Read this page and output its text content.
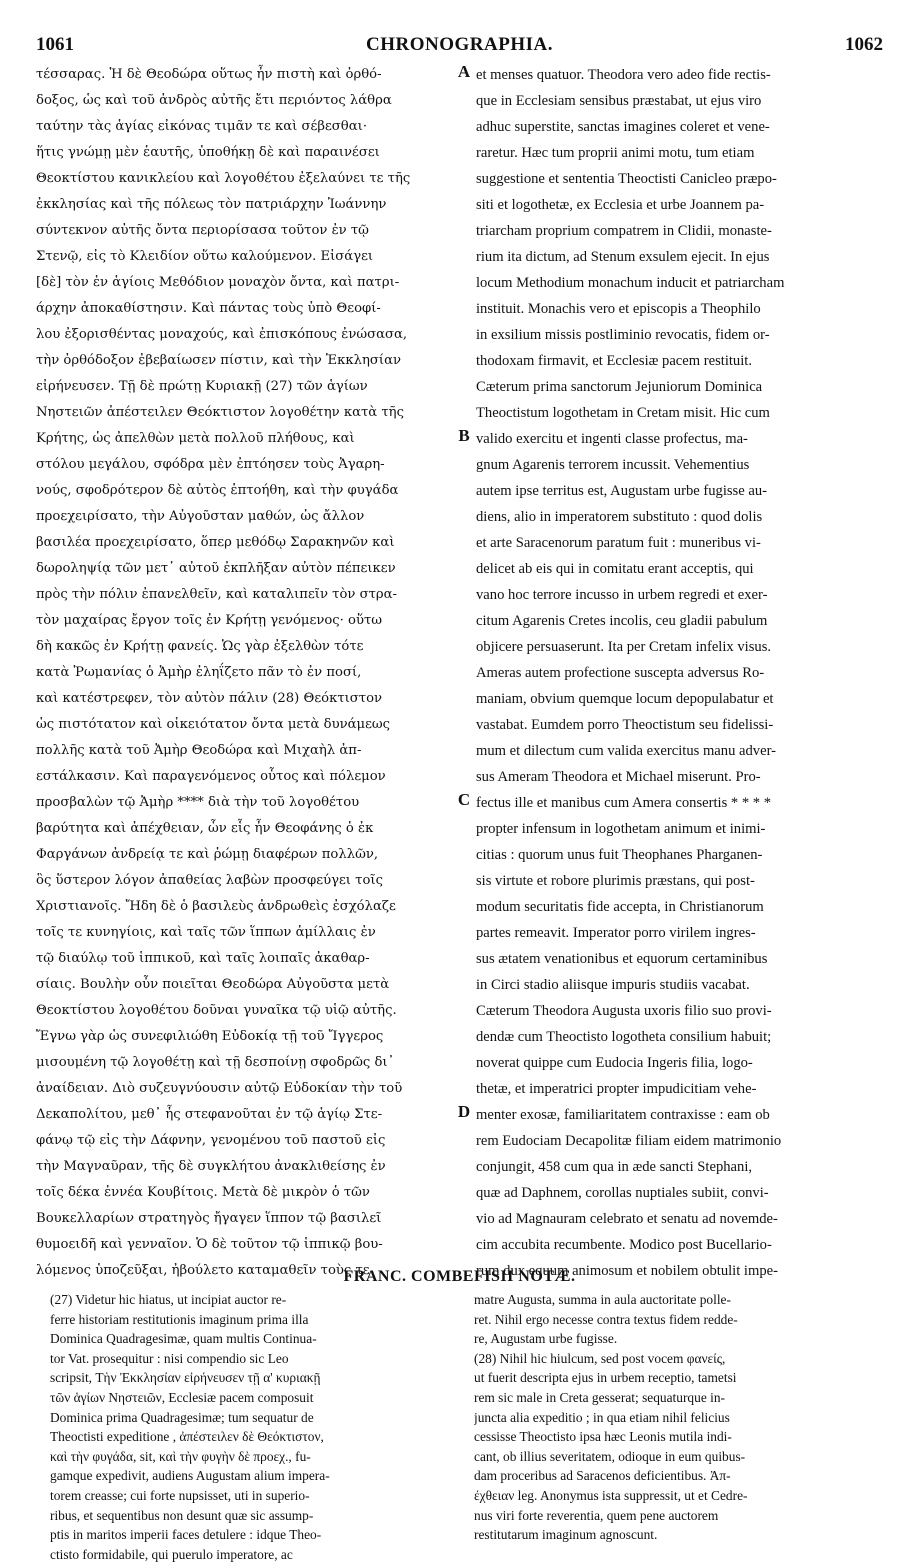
1061	CHRONOGRAPHIA.	1062
τέσσαρας. Ἡ δὲ Θεοδώρα οὕτως ἦν πιστὴ καὶ ὀρθό-
δοξος, ὡς καὶ τοῦ ἀνδρὸς αὐτῆς ἔτι περιόντος λάθρα
ταύτην τὰς ἁγίας εἰκόνας τιμᾶν τε καὶ σέβεσθαι·
ἥτις γνώμῃ μὲν ἑαυτῆς, ὑποθήκῃ δὲ καὶ παραινέσει
Θεοκτίστου κανικλείου καὶ λογοθέτου ἐξελαύνει τε τῆς
ἐκκλησίας καὶ τῆς πόλεως τὸν πατριάρχην Ἰωάννην
σύντεκνον αὐτῆς ὄντα περιορίσασα τοῦτον ἐν τῷ
Στενῷ, εἰς τὸ Κλειδίον οὕτω καλούμενον. Εἰσάγει
[δὲ] τὸν ἐν ἁγίοις Μεθόδιον μοναχὸν ὄντα, καὶ πατρι-
άρχην ἀποκαθίστησιν. Καὶ πάντας τοὺς ὑπὸ Θεοφί-
λου ἐξορισθέντας μοναχούς, καὶ ἐπισκόπους ἐνώσασα,
τὴν ὀρθόδοξον ἐβεβαίωσεν πίστιν, καὶ τὴν Ἐκκλησίαν
εἰρήνευσεν. Τῇ δὲ πρώτῃ Κυριακῇ (27) τῶν ἁγίων
Νηστειῶν ἀπέστειλεν Θεόκτιστον λογοθέτην κατὰ τῆς
Κρήτης, ὡς ἀπελθὼν μετὰ πολλοῦ πλήθους, καὶ
στόλου μεγάλου, σφόδρα μὲν ἐπτόησεν τοὺς Ἀγαρη-
νούς, σφοδρότερον δὲ αὐτὸς ἐπτοήθη, καὶ τὴν φυγάδα
προεχειρίσατο, τὴν Αὐγοῦσταν μαθών, ὡς ἄλλον
βασιλέα προεχειρίσατο, ὅπερ μεθόδῳ Σαρακηνῶν καὶ
δωροληψίᾳ τῶν μετ᾽ αὐτοῦ ἐκπλῆξαν αὐτὸν πέπεικεν
πρὸς τὴν πόλιν ἐπανελθεῖν, καὶ καταλιπεῖν τὸν στρα-
τὸν μαχαίρας ἔργον τοῖς ἐν Κρήτῃ γενόμενος· οὕτω
δὴ κακῶς ἐν Κρήτῃ φανείς. Ὡς γὰρ ἐξελθὼν τότε
κατὰ Ῥωμανίας ὁ Ἀμὴρ ἐληΐζετο πᾶν τὸ ἐν ποσί,
καὶ κατέστρεφεν, τὸν αὐτὸν πάλιν (28) Θεόκτιστον
ὡς πιστότατον καὶ οἰκειότατον ὄντα μετὰ δυνάμεως
πολλῆς κατὰ τοῦ Ἀμὴρ Θεοδώρα καὶ Μιχαὴλ ἀπ-
εστάλκασιν. Καὶ παραγενόμενος οὗτος καὶ πόλεμον
προσβαλὼν τῷ Ἀμὴρ **** διὰ τὴν τοῦ λογοθέτου
βαρύτητα καὶ ἀπέχθειαν, ὧν εἷς ἦν Θεοφάνης ὁ ἐκ
Φαργάνων ἀνδρείᾳ τε καὶ ῥώμῃ διαφέρων πολλῶν,
ὃς ὕστερον λόγον ἀπαθείας λαβὼν προσφεύγει τοῖς
Χριστιανοῖς. Ἤδη δὲ ὁ βασιλεὺς ἀνδρωθεὶς ἐσχόλαζε
τοῖς τε κυνηγίοις, καὶ ταῖς τῶν ἵππων ἁμίλλαις ἐν
τῷ διαύλῳ τοῦ ἱππικοῦ, καὶ ταῖς λοιπαῖς ἀκαθαρ-
σίαις. Βουλὴν οὖν ποιεῖται Θεοδώρα Αὐγοῦστα μετὰ
Θεοκτίστου λογοθέτου δοῦναι γυναῖκα τῷ υἱῷ αὐτῆς.
Ἔγνω γὰρ ὡς συνεφιλιώθη Εὐδοκίᾳ τῇ τοῦ Ἴγγερος
μισουμένη τῷ λογοθέτῃ καὶ τῇ δεσποίνῃ σφοδρῶς δι᾽
ἀναίδειαν. Διὸ συζευγνύουσιν αὐτῷ Εὐδοκίαν τὴν τοῦ
Δεκαπολίτου, μεθ᾽ ἧς στεφανοῦται ἐν τῷ ἁγίῳ Στε-
φάνῳ τῷ εἰς τὴν Δάφνην, γενομένου τοῦ παστοῦ εἰς
τὴν Μαγναῦραν, τῆς δὲ συγκλήτου ἀνακλιθείσης ἐν
τοῖς δέκα ἐννέα Κουβίτοις. Μετὰ δὲ μικρὸν ὁ τῶν
Βουκελλαρίων στρατηγὸς ἤγαγεν ἵππον τῷ βασιλεῖ
θυμοειδῆ καὶ γενναῖον. Ὁ δὲ τοῦτον τῷ ἱππικῷ βου-
λόμενος ὑποζεῦξαι, ἠβούλετο καταμαθεῖν τοὺς τε
et menses quatuor. Theodora vero adeo fide rectis-
que in Ecclesiam sensibus præstabat, ut ejus viro
adhuc superstite, sanctas imagines coleret et vene-
raretur. Hæc tum proprii animi motu, tum etiam
suggestione et sententia Theoctisti Canicleo præpo-
siti et logothetæ, ex Ecclesia et urbe Joannem pa-
triarcham proprium compatrem in Clidii, monaste-
rium ita dictum, ad Stenum exsulem ejecit. In ejus
locum Methodium monachum inducit et patriarcham
instituit. Monachis vero et episcopis a Theophilo
in exsilium missis postliminio revocatis, fidem or-
thodoxam firmavit, et Ecclesiæ pacem restituit.
Cæterum prima sanctorum Jejuniorum Dominica
Theoctistum logothetam in Cretam misit. Hic cum
valido exercitu et ingenti classe profectus, ma-
gnum Agarenis terrorem incussit. Vehementius
autem ipse territus est, Augustam urbe fugisse au-
diens, alio in imperatorem substituto : quod dolis
et arte Saracenorum paratum fuit : muneribus vi-
delicet ab eis qui in comitatu erant acceptis, qui
vano hoc terrore incusso in urbem regredi et exer-
citum Agarenis Cretes incolis, ceu gladii pabulum
objicere persuaserunt. Ita per Cretam infelix visus.
Ameras autem profectione suscepta adversus Ro-
maniam, obvium quemque locum depopulabatur et
vastabat. Eumdem porro Theoctistum seu fidelissi-
mum et dilectum cum valida exercitus manu adver-
sus Ameram Theodora et Michael miserunt. Pro-
fectus ille et manibus cum Amera consertis * * * *
propter infensum in logothetam animum et inimi-
citias : quorum unus fuit Theophanes Pharganen-
sis virtute et robore plurimis præstans, qui post-
modum securitatis fide accepta, in Christianorum
partes remeavit. Imperator porro virilem ingres-
sus ætatem venationibus et equorum certaminibus
in Circi stadio aliisque impuris studiis vacabat.
Cæterum Theodora Augusta uxoris filio suo provi-
dendæ cum Theoctisto logotheta consilium habuit;
noverat quippe cum Eudocia Ingeris filia, logo-
thetæ, et imperatrici propter impudicitiam vehe-
menter exosæ, familiaritatem contraxisse : eam ob
rem Eudociam Decapolitæ filiam eidem matrimonio
conjungit, 458 cum qua in æde sancti Stephani,
quæ ad Daphnem, corollas nuptiales subiit, convi-
vio ad Magnauram celebrato et senatu ad novemde-
cim accubita recumbente. Modico post Bucellario-
rum dux equum animosum et nobilem obtulit impe-
A
B
C
D
FRANC. COMBEFISII NOTÆ.
(27) Videtur hic hiatus, ut incipiat auctor re-
ferre historiam restitutionis imaginum prima illa
Dominica Quadragesimæ, quam multis Continua-
tor Vat. prosequitur : nisi compendio sic Leo
scripsit, Τὴν Ἐκκλησίαν εἰρήνευσεν τῇ α' κυριακῇ
τῶν ἁγίων Νηστειῶν, Ecclesiæ pacem composuit
Dominica prima Quadragesimæ; tum sequatur de
Theoctisti expeditione , ἀπέστειλεν δὲ Θεόκτιστον,
καὶ τὴν φυγάδα, sit, καὶ τὴν φυγὴν δὲ προεχ., fu-
gamque expedivit, audiens Augustam alium impera-
torem creasse; cui forte nupsisset, uti in superio-
ribus, et sequentibus non desunt quæ sic assump-
ptis in maritos imperii faces detulere : idque Theo-
ctisto formidabile, qui puerulo imperatore, ac
matre Augusta, summa in aula auctoritate polle-
ret. Nihil ergo necesse contra textus fidem redde-
re, Augustam urbe fugisse.
(28) Nihil hic hiulcum, sed post vocem φανείς,
ut fuerit descripta ejus in urbem receptio, tametsi
rem sic male in Creta gesserat; sequaturque in-
juncta alia expeditio ; in qua etiam nihil felicius
cessisse Theoctisto ipsa hæc Leonis mutila indi-
cant, ob illius severitatem, odioque in eum quibus-
dam proceribus ad Saracenos deficientibus. Ἀπ-
έχθειαν leg. Anonymus ista suppressit, ut et Cedre-
nus viri forte reverentia, quem pene auctorem
restitutarum imaginum agnoscunt.
